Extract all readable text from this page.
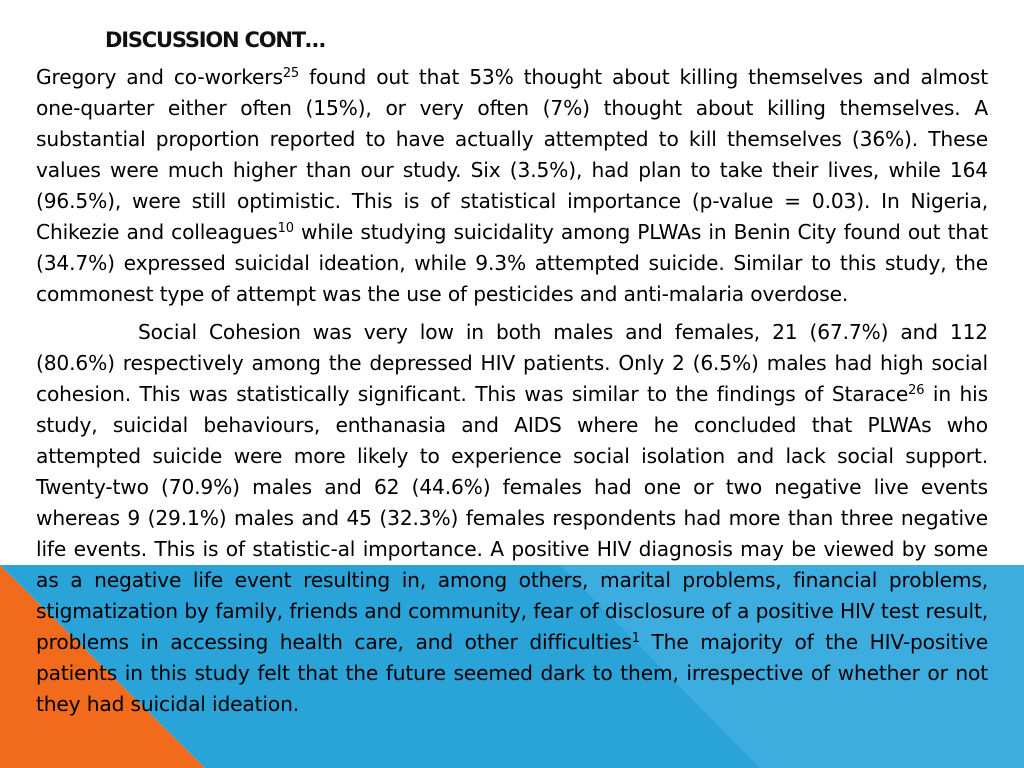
DISCUSSION CONT…

Gregory and co-workers$^{25}$ found out that 53% thought about killing themselves and almost one-quarter either often (15%), or very often (7%) thought about killing themselves. A substantial proportion reported to have actually attempted to kill themselves (36%). These values were much higher than our study. Six (3.5%), had plan to take their lives, while 164 (96.5%), were still optimistic. This is of statistical importance (p-value = 0.03). In Nigeria, Chikezie and colleagues$^{10}$ while studying suicidality among PLWAs in Benin City found out that (34.7%) expressed suicidal ideation, while 9.3% attempted suicide. Similar to this study, the commonest type of attempt was the use of pesticides and anti-malaria overdose.

Social Cohesion was very low in both males and females, 21 (67.7%) and 112 (80.6%) respectively among the depressed HIV patients. Only 2 (6.5%) males had high social cohesion. This was statistically significant. This was similar to the findings of Starace$^{26}$ in his study, suicidal behaviours, enthanasia and AIDS where he concluded that PLWAs who attempted suicide were more likely to experience social isolation and lack social support. Twenty-two (70.9%) males and 62 (44.6%) females had one or two negative live events whereas 9 (29.1%) males and 45 (32.3%) females respondents had more than three negative life events. This is of statistic-al importance. A positive HIV diagnosis may be viewed by some as a negative life event resulting in, among others, marital problems, financial problems, stigmatization by family, friends and community, fear of disclosure of a positive HIV test result, problems in accessing health care, and other difficulties$^1$ The majority of the HIV-positive patients in this study felt that the future seemed dark to them, irrespective of whether or not they had suicidal ideation.
